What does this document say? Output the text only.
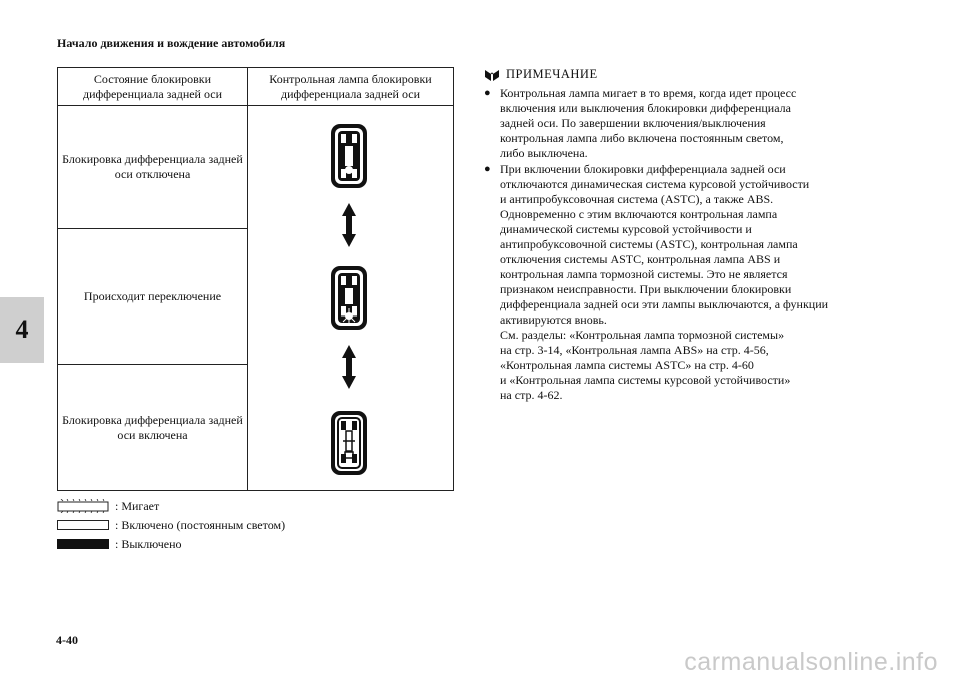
Начало движения и вождение автомобиля
4
Состояние блокировки дифференциала задней оси	Контрольная лампа блокировки дифференциала задней оси
Блокировка дифференциала задней оси отключена	

Происходит переключение	
Блокировка дифференциала задней оси включена	
: Мигает
: Включено (постоянным светом)
: Выключено
ПРИМЕЧАНИЕ
● Контрольная лампа мигает в то время, когда идет процесс
включения или выключения блокировки дифференциала
задней оси. По завершении включения/выключения
контрольная лампа либо включена постоянным светом,
либо выключена.
● При включении блокировки дифференциала задней оси
отключаются динамическая система курсовой устойчивости
и антипробуксовочная система (ASTC), а также ABS.
Одновременно с этим включаются контрольная лампа
динамической системы курсовой устойчивости и
антипробуксовочной системы (ASTC), контрольная лампа
отключения системы ASTC, контрольная лампа ABS и
контрольная лампа тормозной системы. Это не является
признаком неисправности. При выключении блокировки
дифференциала задней оси эти лампы выключаются, а функции
активируются вновь.
См. разделы: «Контрольная лампа тормозной системы»
на стр. 3-14, «Контрольная лампа ABS» на стр. 4-56,
«Контрольная лампа системы ASTC» на стр. 4-60
и «Контрольная лампа системы курсовой устойчивости»
на стр. 4-62.
4-40
carmanualsonline.info
